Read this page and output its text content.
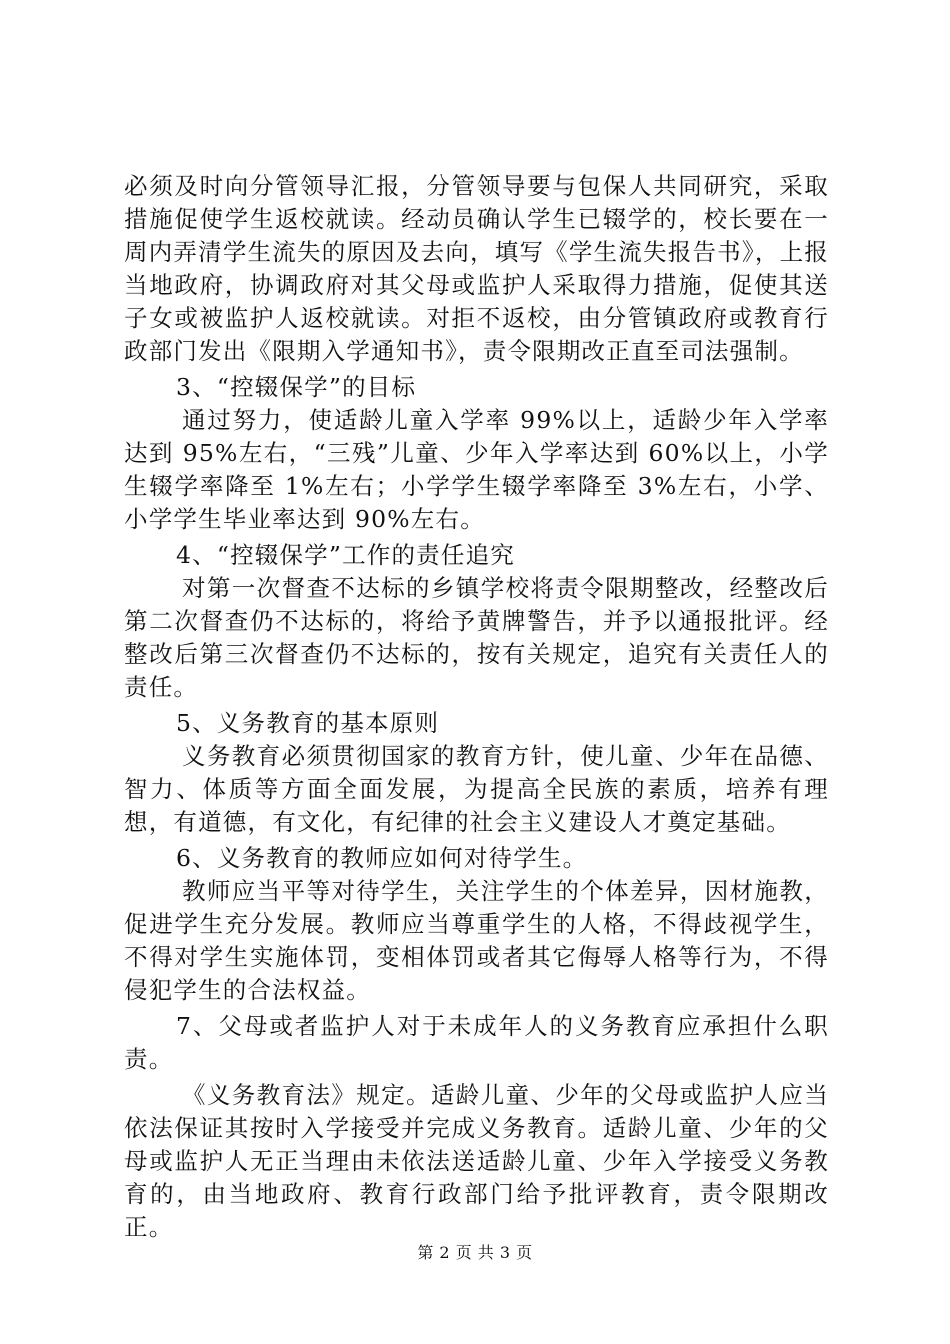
必须及时向分管领导汇报，分管领导要与包保人共同研究，采取措施促使学生返校就读。经动员确认学生已辍学的，校长要在一周内弄清学生流失的原因及去向，填写《学生流失报告书》，上报当地政府，协调政府对其父母或监护人采取得力措施，促使其送子女或被监护人返校就读。对拒不返校，由分管镇政府或教育行政部门发出《限期入学通知书》，责令限期改正直至司法强制。

3、“控辍保学”的目标

通过努力，使适龄儿童入学率 99%以上，适龄少年入学率达到 95%左右，“三残”儿童、少年入学率达到 60%以上，小学生辍学率降至 1%左右；小学学生辍学率降至 3%左右，小学、小学学生毕业率达到 90%左右。

4、“控辍保学”工作的责任追究

对第一次督查不达标的乡镇学校将责令限期整改，经整改后第二次督查仍不达标的，将给予黄牌警告，并予以通报批评。经整改后第三次督查仍不达标的，按有关规定，追究有关责任人的责任。

5、义务教育的基本原则

义务教育必须贯彻国家的教育方针，使儿童、少年在品德、智力、体质等方面全面发展，为提高全民族的素质，培养有理想，有道德，有文化，有纪律的社会主义建设人才奠定基础。

6、义务教育的教师应如何对待学生。

教师应当平等对待学生，关注学生的个体差异，因材施教，促进学生充分发展。教师应当尊重学生的人格，不得歧视学生，不得对学生实施体罚，变相体罚或者其它侮辱人格等行为，不得侵犯学生的合法权益。

7、父母或者监护人对于未成年人的义务教育应承担什么职责。

《义务教育法》规定。适龄儿童、少年的父母或监护人应当依法保证其按时入学接受并完成义务教育。适龄儿童、少年的父母或监护人无正当理由未依法送适龄儿童、少年入学接受义务教育的，由当地政府、教育行政部门给予批评教育，责令限期改正。

第 2 页 共 3 页
